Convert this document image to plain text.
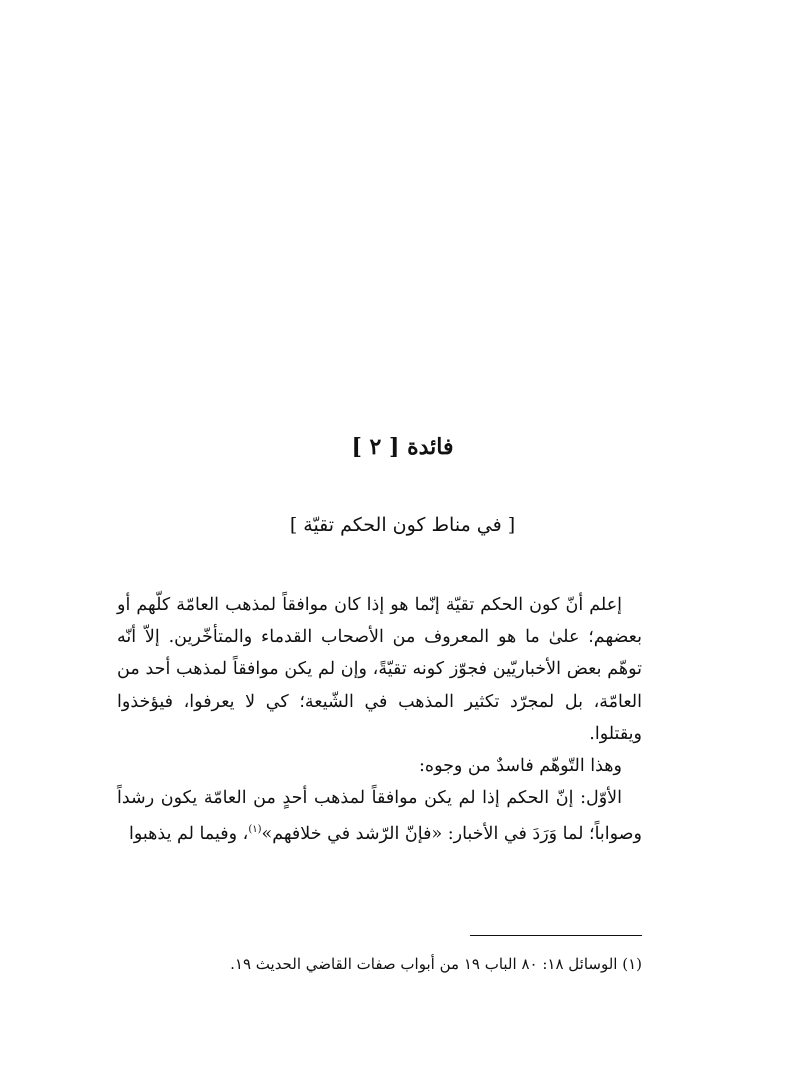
فائدة [ ٢ ]
[ في مناط كون الحكم تقيّة ]

إعلم أنّ كون الحكم تقيّة إنّما هو إذا كان موافقاً لمذهب العامّة كلّهم أو بعضهم؛ علىٰ ما هو المعروف من الأصحاب القدماء والمتأخّرين. إلاّ أنّه توهّم بعض الأخباريّين فجوّز كونه تقيّةً، وإن لم يكن موافقاً لمذهب أحد من العامّة، بل لمجرّد تكثير المذهب في الشّيعة؛ كي لا يعرفوا، فيؤخذوا ويقتلوا.

وهذا التّوهّم فاسدٌ من وجوه:

الأوّل: إنّ الحكم إذا لم يكن موافقاً لمذهب أحدٍ من العامّة يكون رشداً وصواباً؛ لما وَرَدَ في الأخبار: «فإنّ الرّشد في خلافهم»$^{(١)}$، وفيما لم يذهبوا

(١) الوسائل ١٨: ٨٠ الباب ١٩ من أبواب صفات القاضي الحديث ١٩.
